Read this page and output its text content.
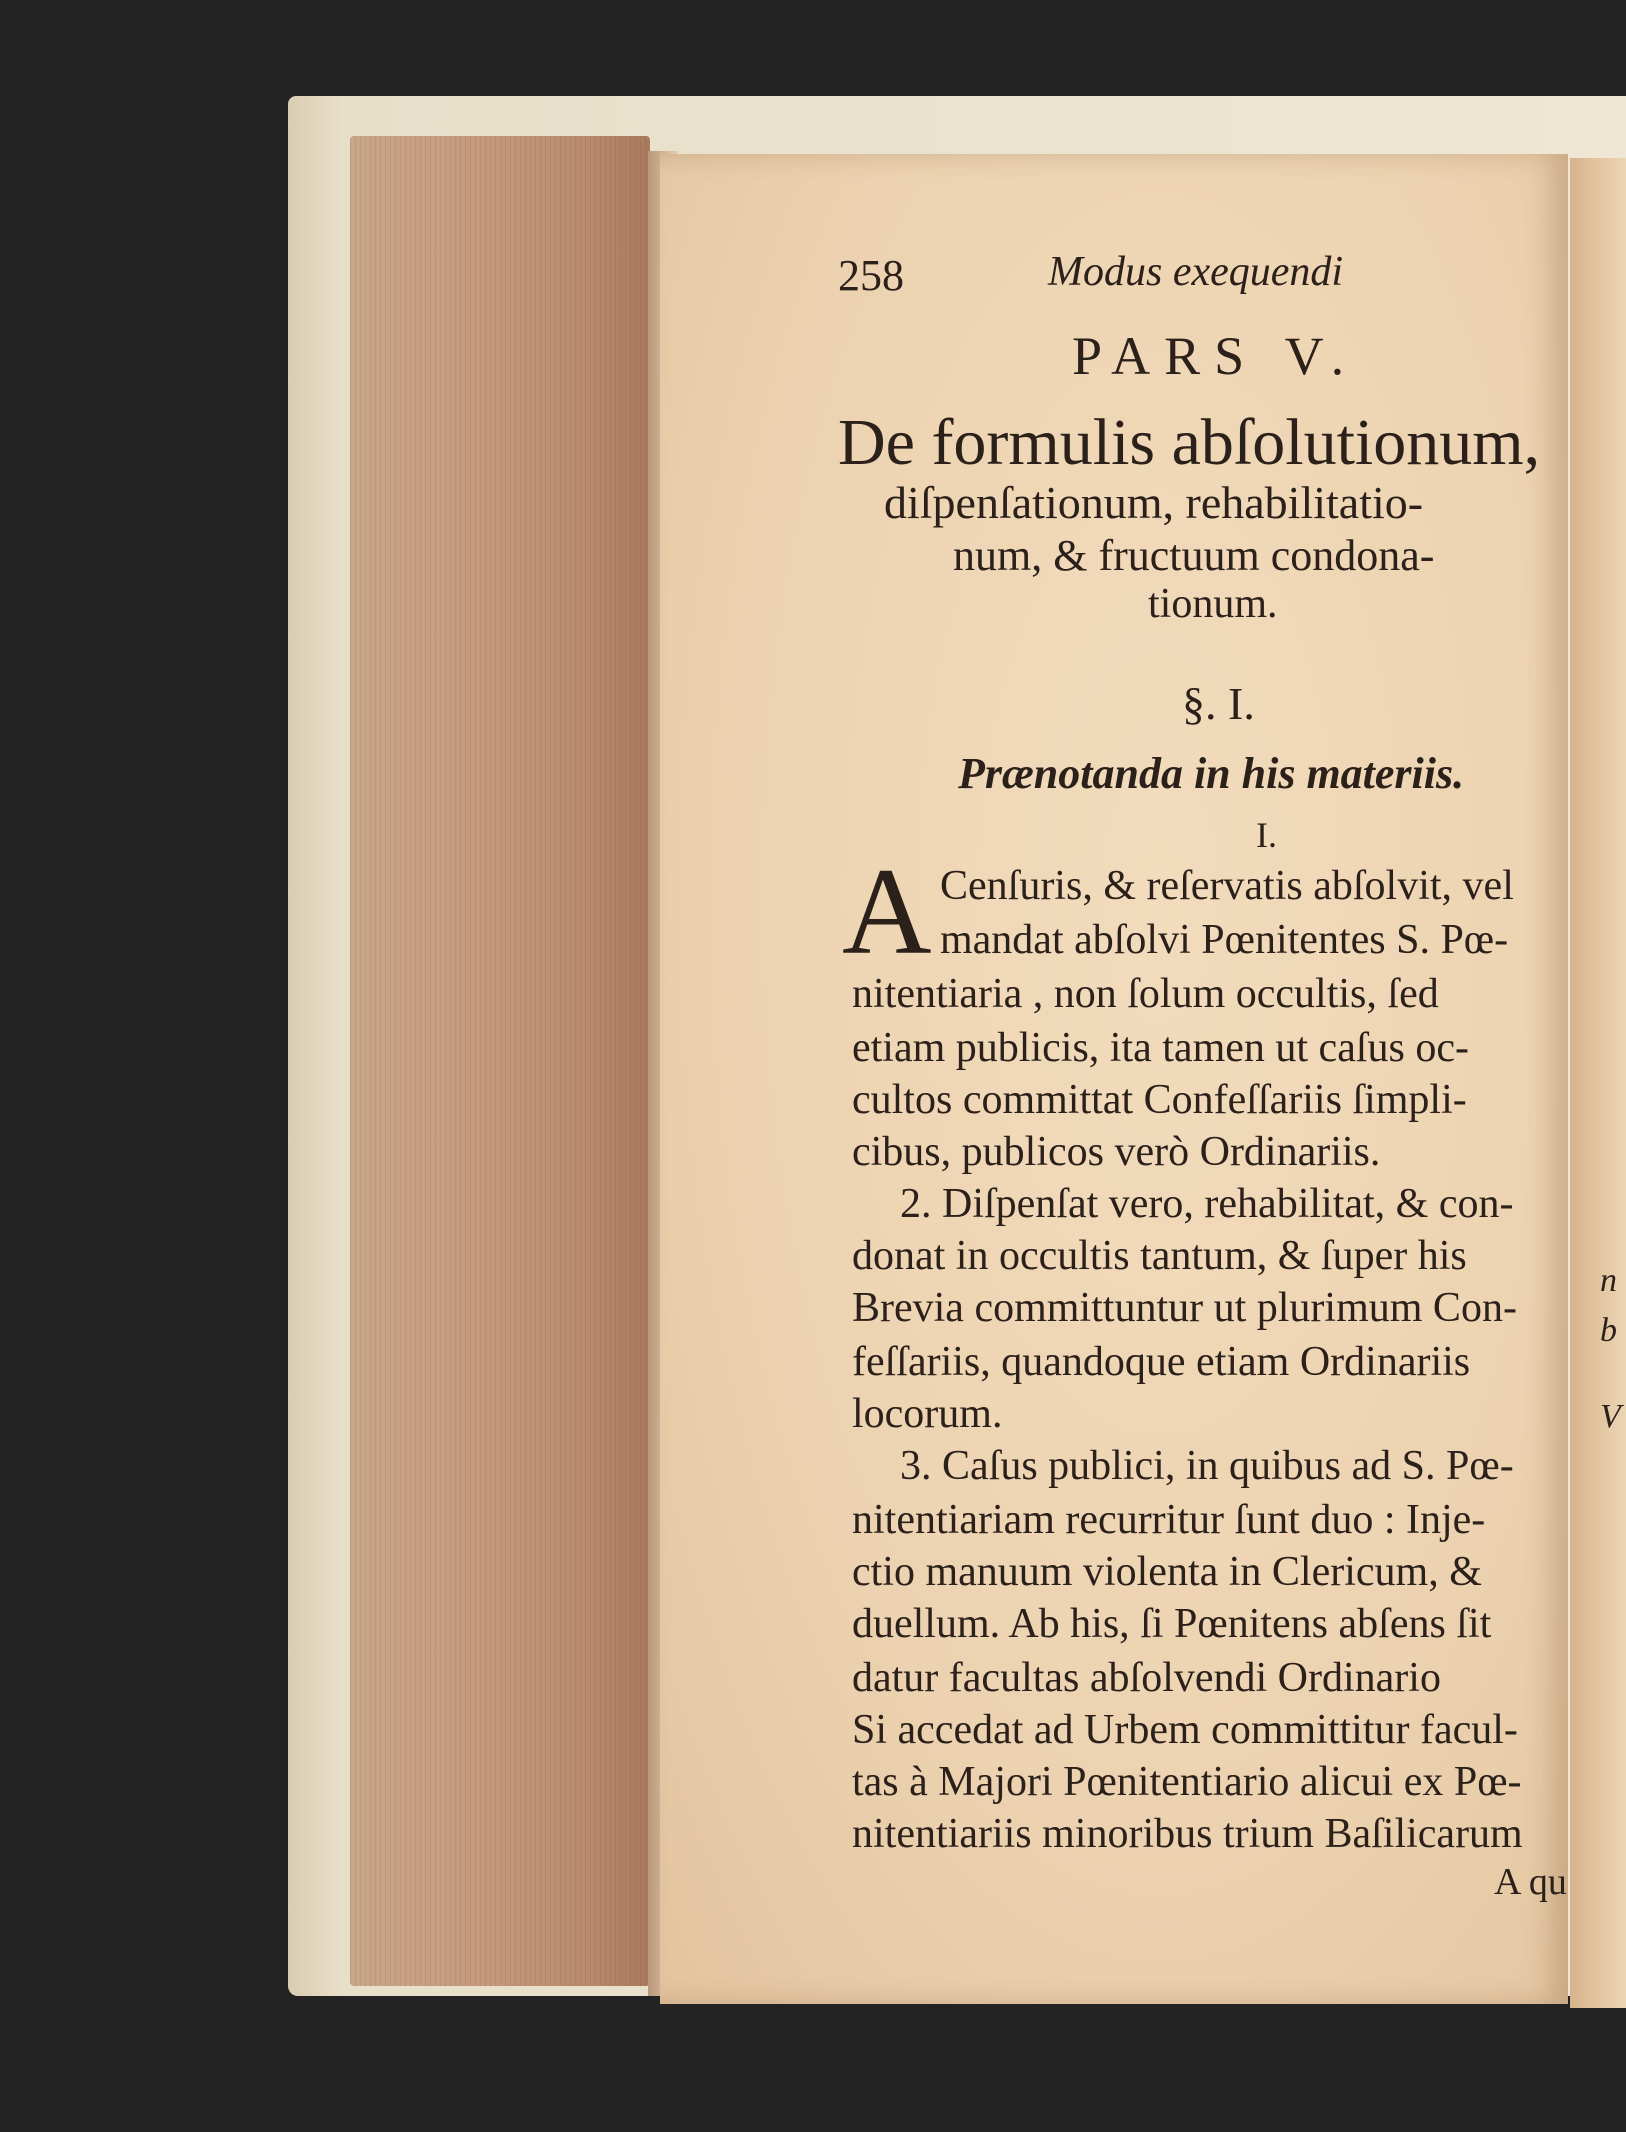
258	Modus exequendi
PARS V.
De formulis abſolutionum,
diſpenſationum, rehabilitatio-
num, & fructuum condona-
tionum.
§. I.
Prænotanda in his materiis.
I.
A Cenſuris, & reſervatis abſolvit, vel
mandat abſolvi Pœnitentes S. Pœ-
nitentiaria , non ſolum occultis, ſed
etiam publicis, ita tamen ut caſus oc-
cultos committat Confeſſariis ſimpli-
cibus, publicos verò Ordinariis.
2. Diſpenſat vero, rehabilitat, & con-
donat in occultis tantum, & ſuper his
Brevia committuntur ut plurimum Con-
feſſariis, quandoque etiam Ordinariis
locorum.
3. Caſus publici, in quibus ad S. Pœ-
nitentiariam recurritur ſunt duo : Inje-
ctio manuum violenta in Clericum, &
duellum. Ab his, ſi Pœnitens abſens ſit
datur facultas abſolvendi Ordinario
Si accedat ad Urbem committitur facul-
tas à Majori Pœnitentiario alicui ex Pœ-
nitentiariis minoribus trium Baſilicarum
A qu
n
b
V
